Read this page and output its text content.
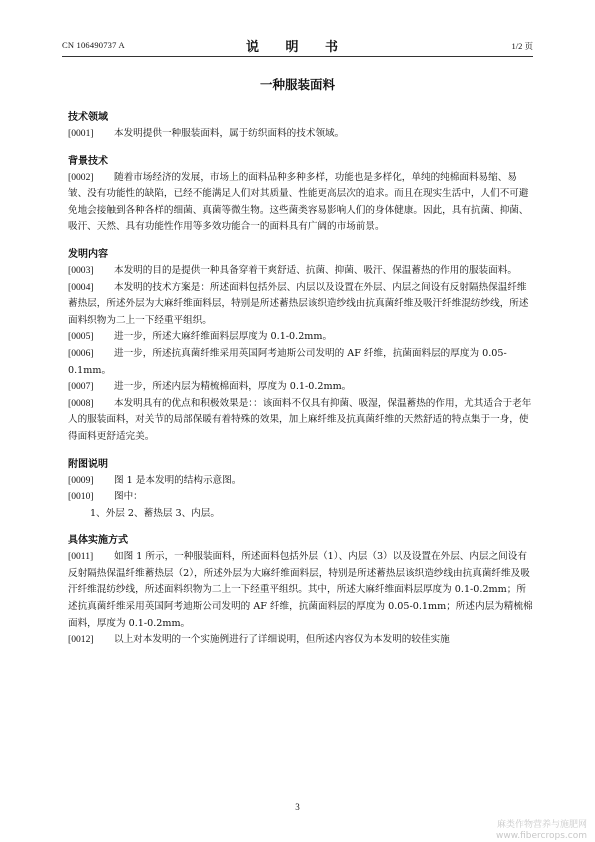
CN 106490737 A	说 明 书	1/2 页
一种服装面料

技术领域

[0001] 本发明提供一种服装面料，属于纺织面料的技术领域。

背景技术

[0002] 随着市场经济的发展，市场上的面料品种多种多样，功能也是多样化，单纯的纯棉面料易缩、易皱、没有功能性的缺陷，已经不能满足人们对其质量、性能更高层次的追求。而且在现实生活中，人们不可避免地会接触到各种各样的细菌、真菌等微生物。这些菌类容易影响人们的身体健康。因此，具有抗菌、抑菌、吸汗、天然、具有功能性作用等多效功能合一的面料具有广阔的市场前景。

发明内容

[0003] 本发明的目的是提供一种具备穿着干爽舒适、抗菌、抑菌、吸汗、保温蓄热的作用的服装面料。

[0004] 本发明的技术方案是：所述面料包括外层、内层以及设置在外层、内层之间设有反射隔热保温纤维蓄热层，所述外层为大麻纤维面料层，特别是所述蓄热层该织造纱线由抗真菌纤维及吸汗纤维混纺纱线，所述面料织物为二上一下经重平组织。

[0005] 进一步，所述大麻纤维面料层厚度为 0.1-0.2mm。

[0006] 进一步，所述抗真菌纤维采用英国阿考迪斯公司发明的 AF 纤维，抗菌面料层的厚度为 0.05-0.1mm。

[0007] 进一步，所述内层为精梳棉面料，厚度为 0.1-0.2mm。

[0008] 本发明具有的优点和积极效果是：：该面料不仅具有抑菌、吸湿，保温蓄热的作用，尤其适合于老年人的服装面料，对关节的局部保暖有着特殊的效果，加上麻纤维及抗真菌纤维的天然舒适的特点集于一身，使得面料更舒适完美。

附图说明

[0009] 图 1 是本发明的结构示意图。

[0010] 图中：

1、外层 2、蓄热层 3、内层。

具体实施方式

[0011] 如图 1 所示，一种服装面料，所述面料包括外层（1）、内层（3）以及设置在外层、内层之间设有反射隔热保温纤维蓄热层（2），所述外层为大麻纤维面料层，特别是所述蓄热层该织造纱线由抗真菌纤维及吸汗纤维混纺纱线，所述面料织物为二上一下经重平组织。其中，所述大麻纤维面料层厚度为 0.1-0.2mm；所述抗真菌纤维采用英国阿考迪斯公司发明的 AF 纤维，抗菌面料层的厚度为 0.05-0.1mm；所述内层为精梳棉面料，厚度为 0.1-0.2mm。

[0012] 以上对本发明的一个实施例进行了详细说明，但所述内容仅为本发明的较佳实施

3
麻类作物营养与施肥网
www.fibercrops.com
